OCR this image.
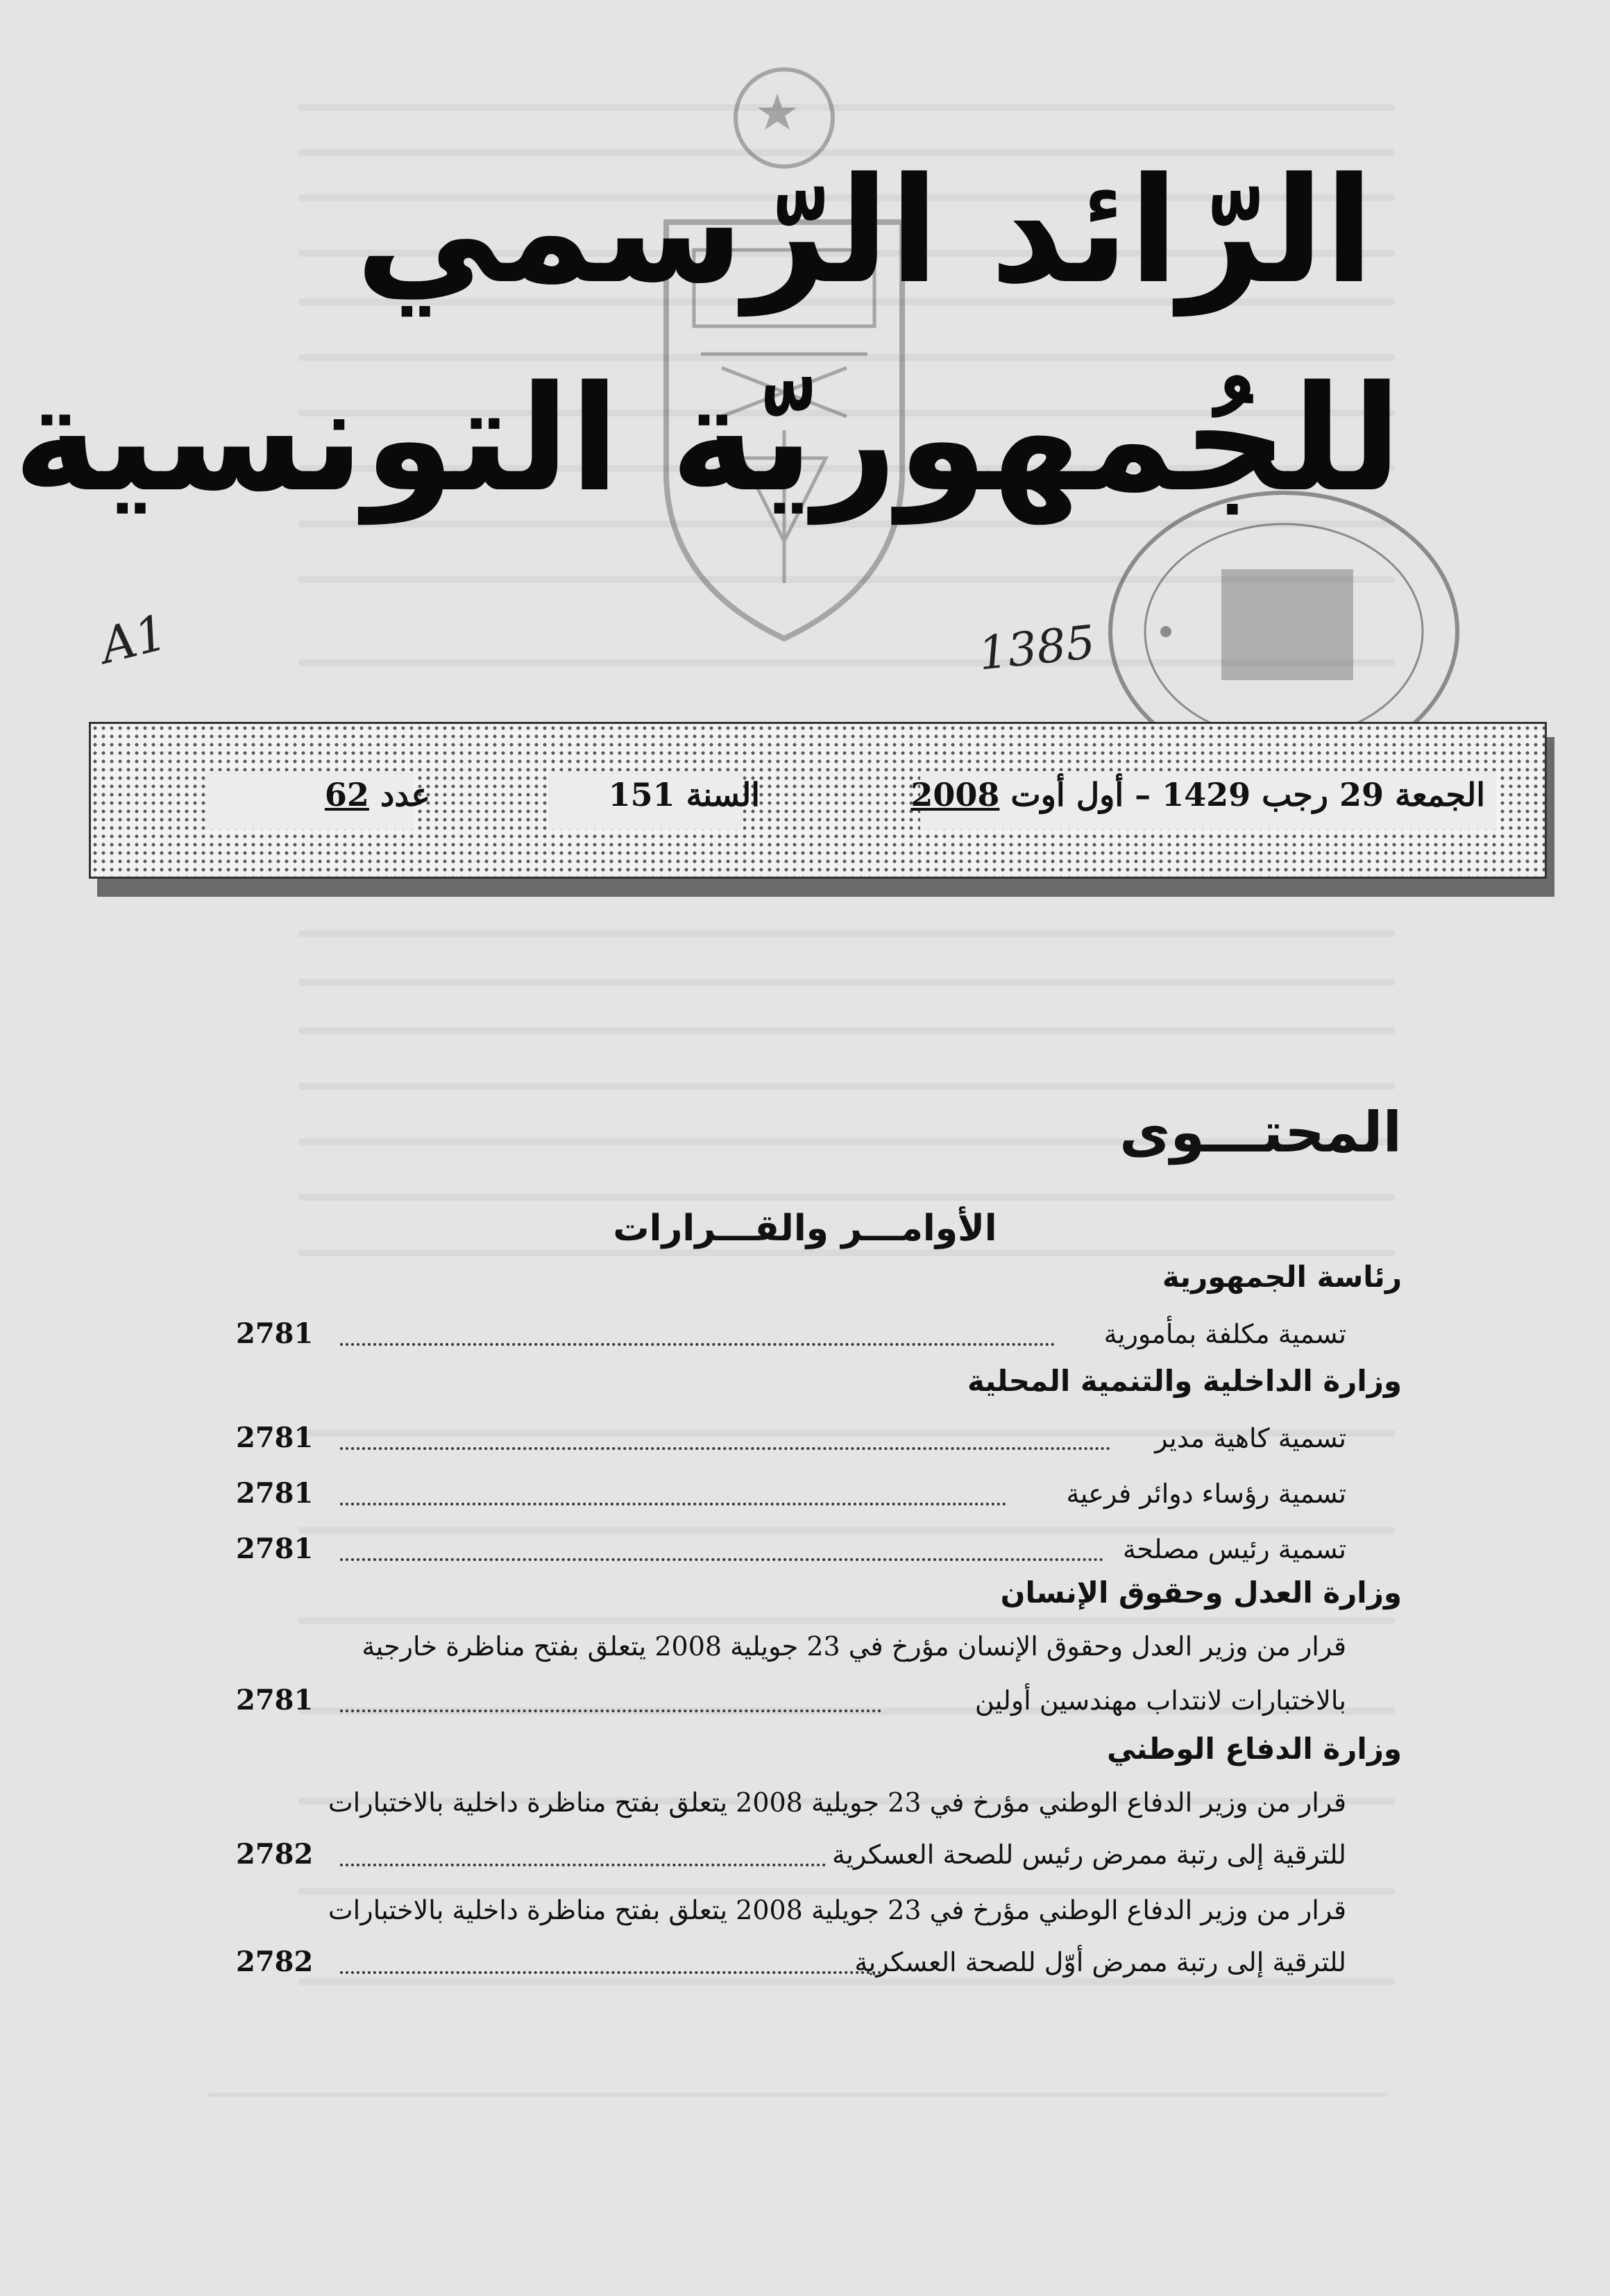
الرّائد الرّسمي
للجُمهوريّة التونسية
A1	1385
الجمعة 29 رجب 1429 – أول أوت 2008
السنة 151
عدد 62
المحتـــوى
الأوامـــر والقـــرارات
رئاسة الجمهورية
تسمية مكلفة بمأمورية
2781
وزارة الداخلية والتنمية المحلية
تسمية كاهية مدير
2781
تسمية رؤساء دوائر فرعية
2781
تسمية رئيس مصلحة
2781
وزارة العدل وحقوق الإنسان
قرار من وزير العدل وحقوق الإنسان مؤرخ في 23 جويلية 2008 يتعلق بفتح مناظرة خارجية
بالاختبارات لانتداب مهندسين أولين
2781
وزارة الدفاع الوطني
قرار من وزير الدفاع الوطني مؤرخ في 23 جويلية 2008 يتعلق بفتح مناظرة داخلية بالاختبارات
للترقية إلى رتبة ممرض رئيس للصحة العسكرية
2782
قرار من وزير الدفاع الوطني مؤرخ في 23 جويلية 2008 يتعلق بفتح مناظرة داخلية بالاختبارات
للترقية إلى رتبة ممرض أوّل للصحة العسكرية
2782
